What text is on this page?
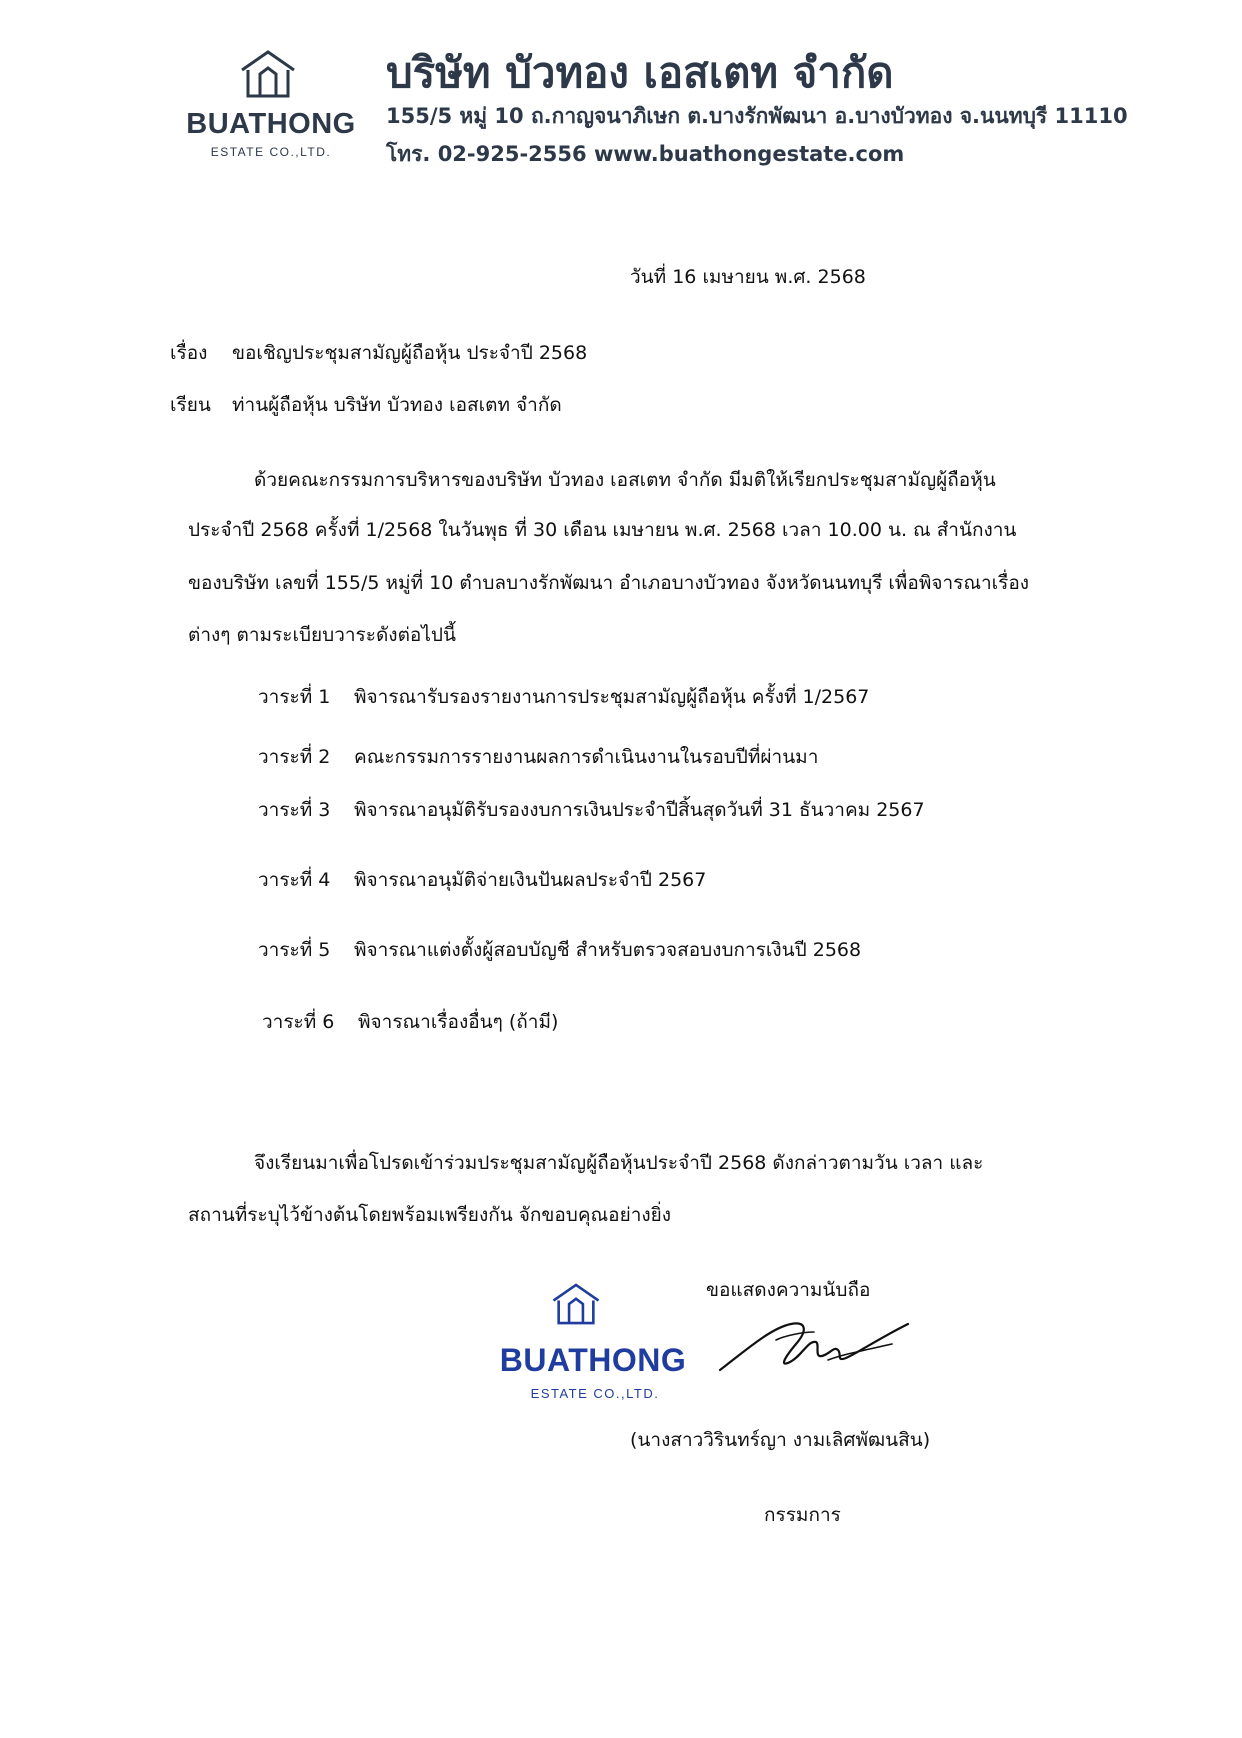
BUATHONG
ESTATE CO.,LTD.
บริษัท บัวทอง เอสเตท จำกัด
155/5 หมู่ 10 ถ.กาญจนาภิเษก ต.บางรักพัฒนา อ.บางบัวทอง จ.นนทบุรี 11110
โทร. 02-925-2556 www.buathongestate.com
วันที่ 16 เมษายน พ.ศ. 2568
เรื่อง ขอเชิญประชุมสามัญผู้ถือหุ้น ประจำปี 2568
เรียน ท่านผู้ถือหุ้น บริษัท บัวทอง เอสเตท จำกัด
ด้วยคณะกรรมการบริหารของบริษัท บัวทอง เอสเตท จำกัด มีมติให้เรียกประชุมสามัญผู้ถือหุ้น
ประจำปี 2568 ครั้งที่ 1/2568 ในวันพุธ ที่ 30 เดือน เมษายน พ.ศ. 2568 เวลา 10.00 น. ณ สำนักงาน
ของบริษัท เลขที่ 155/5 หมู่ที่ 10 ตำบลบางรักพัฒนา อำเภอบางบัวทอง จังหวัดนนทบุรี เพื่อพิจารณาเรื่อง
ต่างๆ ตามระเบียบวาระดังต่อไปนี้
วาระที่ 1 พิจารณารับรองรายงานการประชุมสามัญผู้ถือหุ้น ครั้งที่ 1/2567
วาระที่ 2 คณะกรรมการรายงานผลการดำเนินงานในรอบปีที่ผ่านมา
วาระที่ 3 พิจารณาอนุมัติรับรองงบการเงินประจำปีสิ้นสุดวันที่ 31 ธันวาคม 2567
วาระที่ 4 พิจารณาอนุมัติจ่ายเงินปันผลประจำปี 2567
วาระที่ 5 พิจารณาแต่งตั้งผู้สอบบัญชี สำหรับตรวจสอบงบการเงินปี 2568
วาระที่ 6 พิจารณาเรื่องอื่นๆ (ถ้ามี)
จึงเรียนมาเพื่อโปรดเข้าร่วมประชุมสามัญผู้ถือหุ้นประจำปี 2568 ดังกล่าวตามวัน เวลา และ
สถานที่ระบุไว้ข้างต้นโดยพร้อมเพรียงกัน จักขอบคุณอย่างยิ่ง
ขอแสดงความนับถือ
BUATHONG
ESTATE CO.,LTD.
(นางสาววิรินทร์ญา งามเลิศพัฒนสิน)
กรรมการ
